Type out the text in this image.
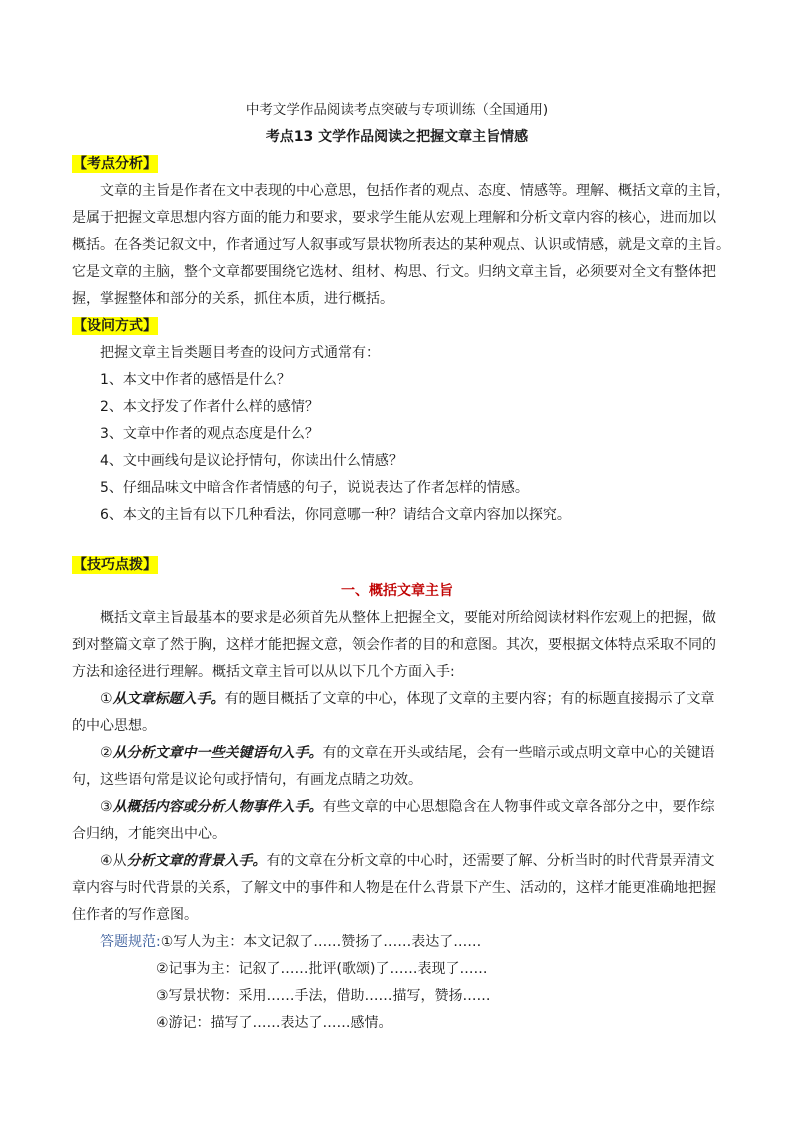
中考文学作品阅读考点突破与专项训练（全国通用)
考点13 文学作品阅读之把握文章主旨情感
【考点分析】
文章的主旨是作者在文中表现的中心意思，包括作者的观点、态度、情感等。理解、概括文章的主旨，
是属于把握文章思想内容方面的能力和要求，要求学生能从宏观上理解和分析文章内容的核心，进而加以
概括。在各类记叙文中，作者通过写人叙事或写景状物所表达的某种观点、认识或情感，就是文章的主旨。
它是文章的主脑，整个文章都要围绕它选材、组材、构思、行文。归纳文章主旨，必须要对全文有整体把
握，掌握整体和部分的关系，抓住本质，进行概括。
【设问方式】
把握文章主旨类题目考查的设问方式通常有：
1、本文中作者的感悟是什么？
2、本文抒发了作者什么样的感情？
3、文章中作者的观点态度是什么？
4、文中画线句是议论抒情句，你读出什么情感？
5、仔细品味文中暗含作者情感的句子，说说表达了作者怎样的情感。
6、本文的主旨有以下几种看法，你同意哪一种？请结合文章内容加以探究。
【技巧点拨】
一、概括文章主旨
概括文章主旨最基本的要求是必须首先从整体上把握全文，要能对所给阅读材料作宏观上的把握，做
到对整篇文章了然于胸，这样才能把握文意，领会作者的目的和意图。其次，要根据文体特点采取不同的
方法和途径进行理解。概括文章主旨可以从以下几个方面入手:
①从文章标题入手。有的题目概括了文章的中心，体现了文章的主要内容；有的标题直接揭示了文章
的中心思想。
②从分析文章中一些关键语句入手。有的文章在开头或结尾，会有一些暗示或点明文章中心的关键语
句，这些语句常是议论句或抒情句，有画龙点睛之功效。
③从概括内容或分析人物事件入手。有些文章的中心思想隐含在人物事件或文章各部分之中，要作综
合归纳，才能突出中心。
④从分析文章的背景入手。有的文章在分析文章的中心时，还需要了解、分析当时的时代背景弄清文
章内容与时代背景的关系，了解文中的事件和人物是在什么背景下产生、活动的，这样才能更准确地把握
住作者的写作意图。
答题规范:①写人为主：本文记叙了……赞扬了……表达了……
②记事为主：记叙了……批评(歌颂)了……表现了……
③写景状物：采用……手法，借助……描写，赞扬……
④游记：描写了……表达了……感情。
